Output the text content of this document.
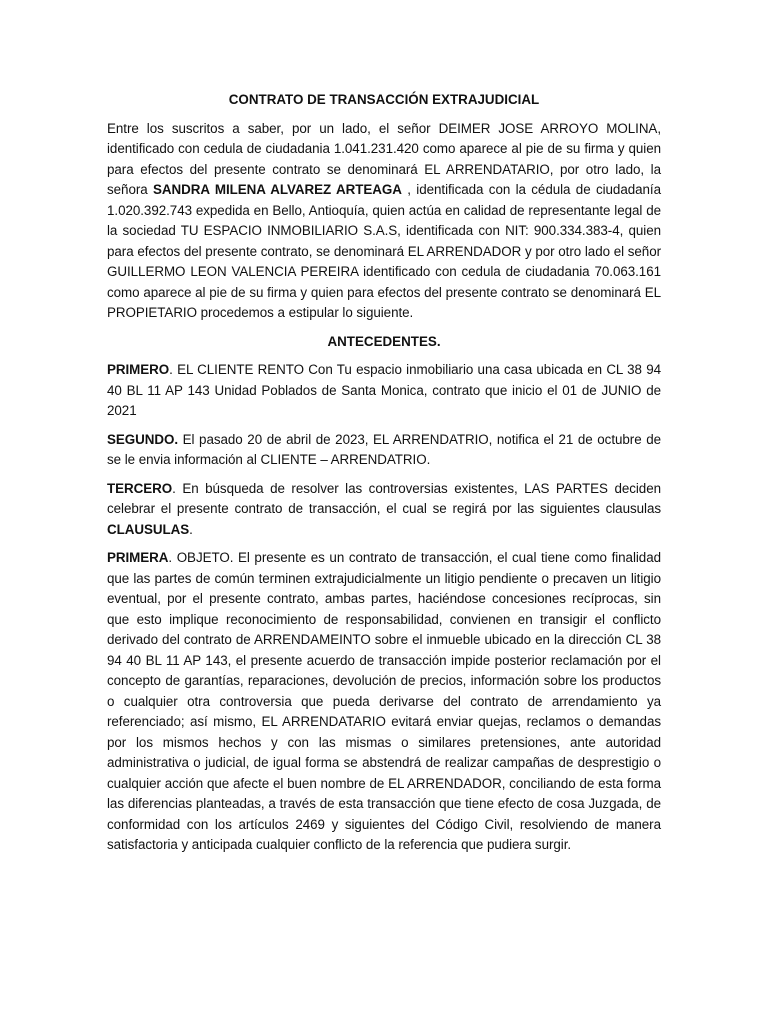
CONTRATO DE TRANSACCIÓN EXTRAJUDICIAL

Entre los suscritos a saber, por un lado, el señor DEIMER JOSE ARROYO MOLINA, identificado con cedula de ciudadania 1.041.231.420 como aparece al pie de su firma y quien para efectos del presente contrato se denominará EL ARRENDATARIO, por otro lado, la señora SANDRA MILENA ALVAREZ ARTEAGA , identificada con la cédula de ciudadanía 1.020.392.743 expedida en Bello, Antioquía, quien actúa en calidad de representante legal de la sociedad TU ESPACIO INMOBILIARIO S.A.S, identificada con NIT: 900.334.383-4, quien para efectos del presente contrato, se denominará EL ARRENDADOR y por otro lado el señor GUILLERMO LEON VALENCIA PEREIRA identificado con cedula de ciudadania 70.063.161 como aparece al pie de su firma y quien para efectos del presente contrato se denominará EL PROPIETARIO procedemos a estipular lo siguiente.

ANTECEDENTES.

PRIMERO. EL CLIENTE RENTO Con Tu espacio inmobiliario una casa ubicada en CL 38 94 40 BL 11 AP 143 Unidad Poblados de Santa Monica, contrato que inicio el 01 de JUNIO de 2021

SEGUNDO. El pasado 20 de abril de 2023, EL ARRENDATRIO, notifica el 21 de octubre de se le envia información al CLIENTE – ARRENDATRIO.

TERCERO. En búsqueda de resolver las controversias existentes, LAS PARTES deciden celebrar el presente contrato de transacción, el cual se regirá por las siguientes clausulas CLAUSULAS.

PRIMERA. OBJETO. El presente es un contrato de transacción, el cual tiene como finalidad que las partes de común terminen extrajudicialmente un litigio pendiente o precaven un litigio eventual, por el presente contrato, ambas partes, haciéndose concesiones recíprocas, sin que esto implique reconocimiento de responsabilidad, convienen en transigir el conflicto derivado del contrato de ARRENDAMEINTO sobre el inmueble ubicado en la dirección CL 38 94 40 BL 11 AP 143, el presente acuerdo de transacción impide posterior reclamación por el concepto de garantías, reparaciones, devolución de precios, información sobre los productos o cualquier otra controversia que pueda derivarse del contrato de arrendamiento ya referenciado; así mismo, EL ARRENDATARIO evitará enviar quejas, reclamos o demandas por los mismos hechos y con las mismas o similares pretensiones, ante autoridad administrativa o judicial, de igual forma se abstendrá de realizar campañas de desprestigio o cualquier acción que afecte el buen nombre de EL ARRENDADOR, conciliando de esta forma las diferencias planteadas, a través de esta transacción que tiene efecto de cosa Juzgada, de conformidad con los artículos 2469 y siguientes del Código Civil, resolviendo de manera satisfactoria y anticipada cualquier conflicto de la referencia que pudiera surgir.
